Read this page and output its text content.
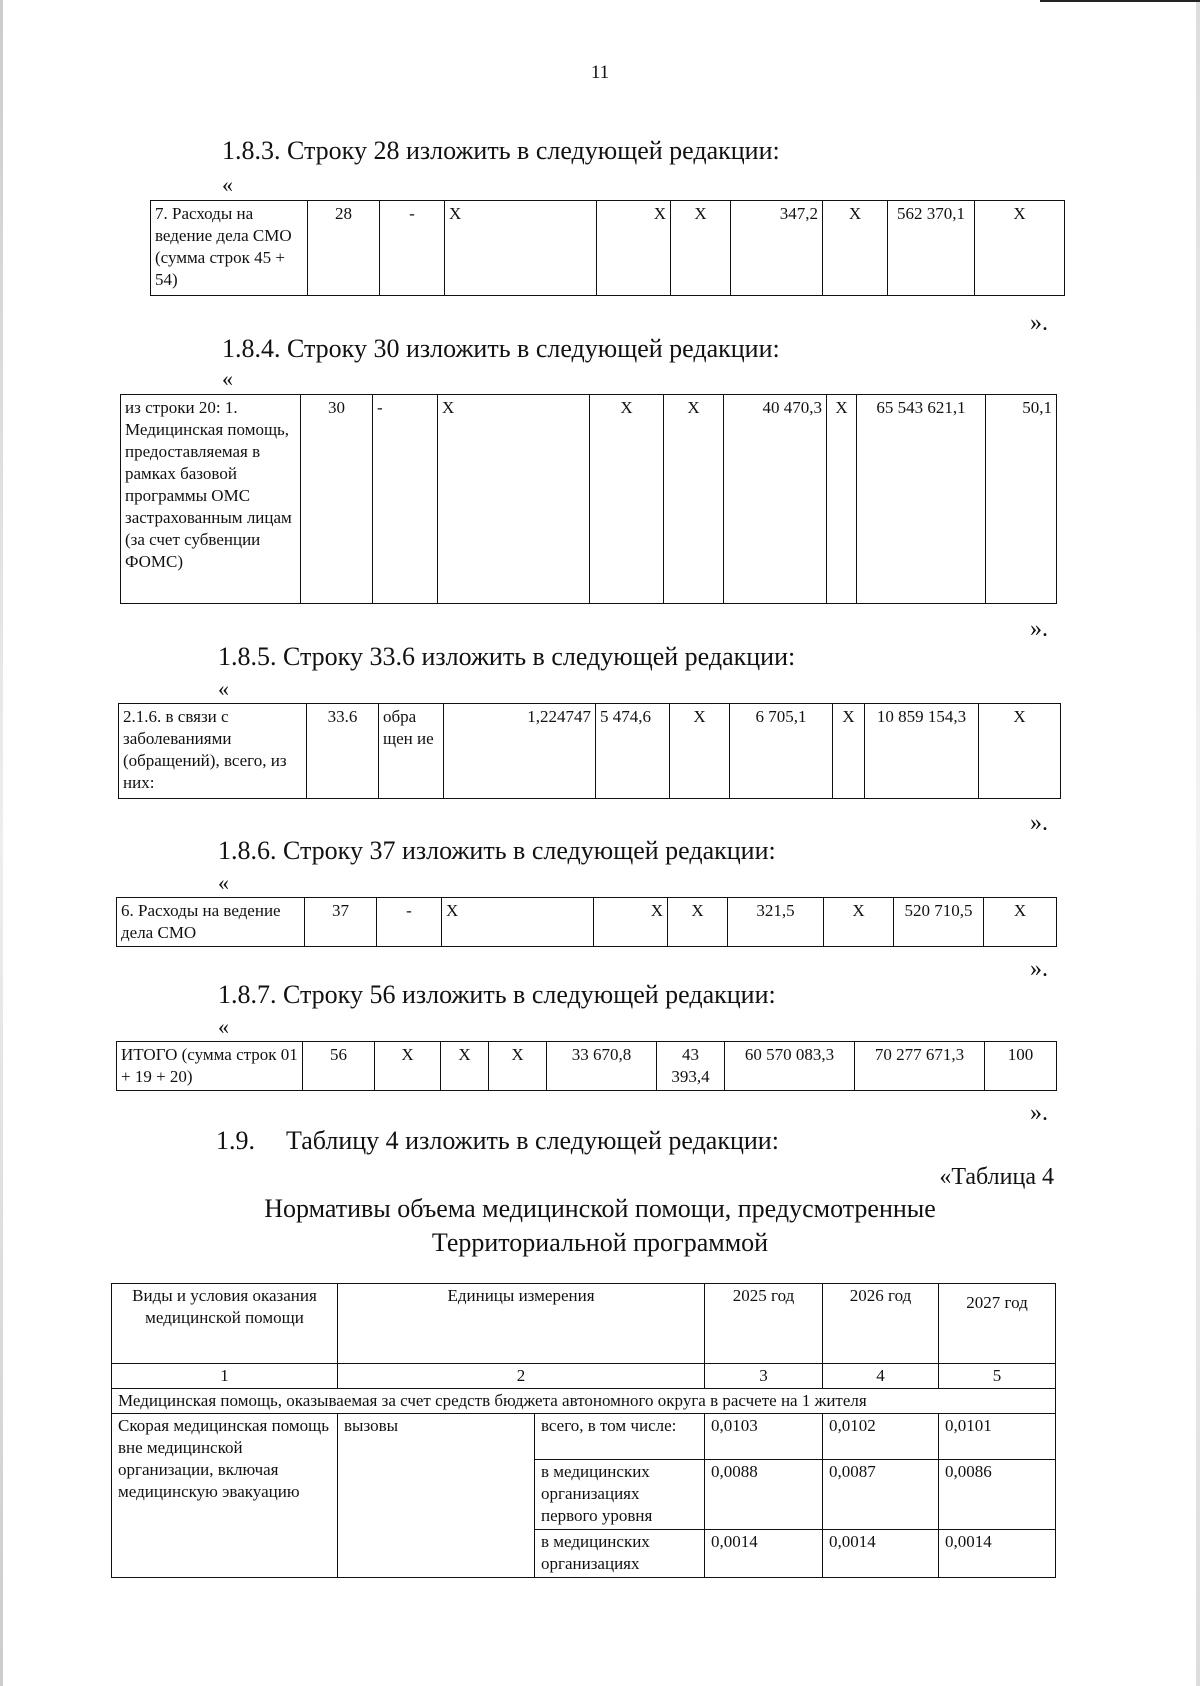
11
1.8.3. Строку 28 изложить в следующей редакции:
«
7. Расходы на ведение дела СМО (сумма строк 45 + 54)	28	-	Х	Х	Х	347,2	Х	562 370,1	Х
».
1.8.4. Строку 30 изложить в следующей редакции:
«
из строки 20: 1. Медицинская помощь, предоставляемая в рамках базовой программы ОМС застрахованным лицам (за счет субвенции ФОМС)	30	-	Х	Х	Х	40 470,3	Х	65 543 621,1	50,1
».
1.8.5. Строку 33.6 изложить в следующей редакции:
«
2.1.6. в связи с заболеваниями (обращений), всего, из них:	33.6	обра щен ие	1,224747	5 474,6	Х	6 705,1	Х	10 859 154,3	Х
».
1.8.6. Строку 37 изложить в следующей редакции:
«
6. Расходы на ведение дела СМО	37	-	Х	Х	Х	321,5	Х	520 710,5	Х
».
1.8.7. Строку 56 изложить в следующей редакции:
«
ИТОГО (сумма строк 01 + 19 + 20)	56	Х	Х	Х	33 670,8	43 393,4	60 570 083,3	70 277 671,3	100
».
1.9. Таблицу 4 изложить в следующей редакции:
«Таблица 4
Нормативы объема медицинской помощи, предусмотренные
Территориальной программой
Виды и условия оказания медицинской помощи	Единицы измерения		2025 год	2026 год	2027 год
1	2		3	4	5
Медицинская помощь, оказываемая за счет средств бюджета автономного округа в расчете на 1 жителя					
Скорая медицинская помощь вне медицинской организации, включая медицинскую эвакуацию	вызовы	всего, в том числе:	0,0103	0,0102	0,0101
		в медицинских организациях первого уровня	0,0088	0,0087	0,0086
		в медицинских организациях	0,0014	0,0014	0,0014
